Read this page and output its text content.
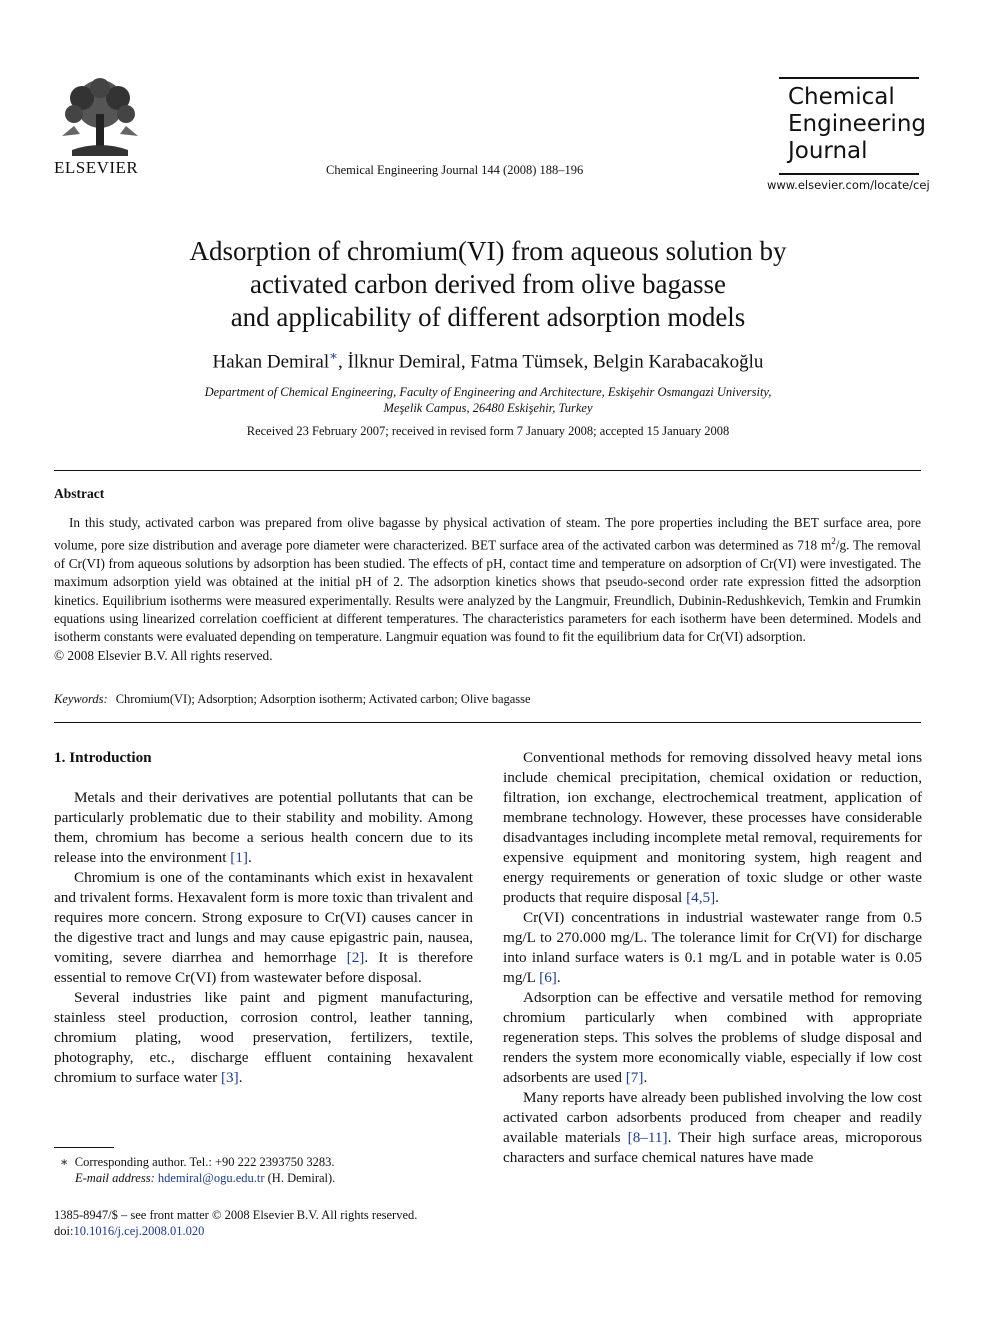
ELSEVIER	Chemical Engineering Journal 144 (2008) 188–196
Chemical
Engineering
Journal
www.elsevier.com/locate/cej
Adsorption of chromium(VI) from aqueous solution by
activated carbon derived from olive bagasse
and applicability of different adsorption models
Hakan Demiral∗, İlknur Demiral, Fatma Tümsek, Belgin Karabacakoğlu
Department of Chemical Engineering, Faculty of Engineering and Architecture, Eskişehir Osmangazi University,
Meşelik Campus, 26480 Eskişehir, Turkey
Received 23 February 2007; received in revised form 7 January 2008; accepted 15 January 2008
Abstract

In this study, activated carbon was prepared from olive bagasse by physical activation of steam. The pore properties including the BET surface area, pore volume, pore size distribution and average pore diameter were characterized. BET surface area of the activated carbon was determined as 718 $m^2/g$. The removal of Cr(VI) from aqueous solutions by adsorption has been studied. The effects of pH, contact time and temperature on adsorption of Cr(VI) were investigated. The maximum adsorption yield was obtained at the initial pH of 2. The adsorption kinetics shows that pseudo-second order rate expression fitted the adsorption kinetics. Equilibrium isotherms were measured experimentally. Results were analyzed by the Langmuir, Freundlich, Dubinin-Redushkevich, Temkin and Frumkin equations using linearized correlation coefficient at different temperatures. The characteristics parameters for each isotherm have been determined. Models and isotherm constants were evaluated depending on temperature. Langmuir equation was found to fit the equilibrium data for Cr(VI) adsorption.

© 2008 Elsevier B.V. All rights reserved.

Keywords: Chromium(VI); Adsorption; Adsorption isotherm; Activated carbon; Olive bagasse
1. Introduction

Metals and their derivatives are potential pollutants that can be particularly problematic due to their stability and mobility. Among them, chromium has become a serious health concern due to its release into the environment [1].

Chromium is one of the contaminants which exist in hexavalent and trivalent forms. Hexavalent form is more toxic than trivalent and requires more concern. Strong exposure to Cr(VI) causes cancer in the digestive tract and lungs and may cause epigastric pain, nausea, vomiting, severe diarrhea and hemorrhage [2]. It is therefore essential to remove Cr(VI) from wastewater before disposal.

Several industries like paint and pigment manufacturing, stainless steel production, corrosion control, leather tanning, chromium plating, wood preservation, fertilizers, textile, photography, etc., discharge effluent containing hexavalent chromium to surface water [3].

Conventional methods for removing dissolved heavy metal ions include chemical precipitation, chemical oxidation or reduction, filtration, ion exchange, electrochemical treatment, application of membrane technology. However, these processes have considerable disadvantages including incomplete metal removal, requirements for expensive equipment and monitoring system, high reagent and energy requirements or generation of toxic sludge or other waste products that require disposal [4,5].

Cr(VI) concentrations in industrial wastewater range from 0.5 mg/L to 270.000 mg/L. The tolerance limit for Cr(VI) for discharge into inland surface waters is 0.1 mg/L and in potable water is 0.05 mg/L [6].

Adsorption can be effective and versatile method for removing chromium particularly when combined with appropriate regeneration steps. This solves the problems of sludge disposal and renders the system more economically viable, especially if low cost adsorbents are used [7].

Many reports have already been published involving the low cost activated carbon adsorbents produced from cheaper and readily available materials [8–11]. Their high surface areas, microporous characters and surface chemical natures have made

∗ Corresponding author. Tel.: +90 222 2393750 3283.
E-mail address: hdemiral@ogu.edu.tr (H. Demiral).
1385-8947/$ – see front matter © 2008 Elsevier B.V. All rights reserved.
doi:10.1016/j.cej.2008.01.020
